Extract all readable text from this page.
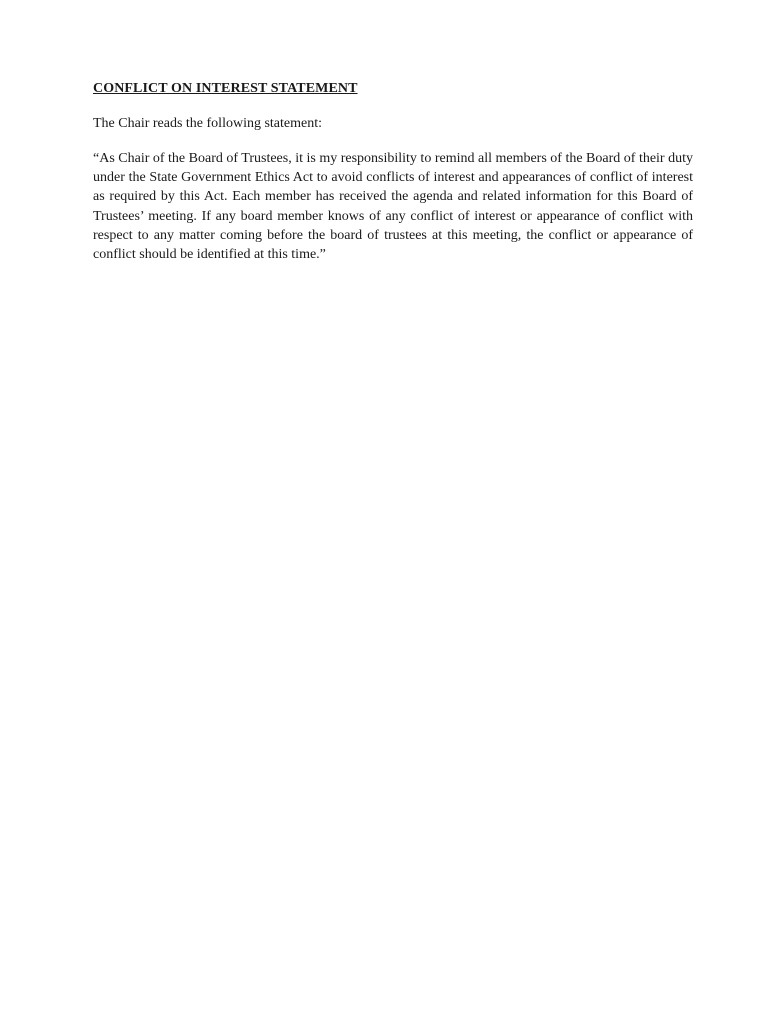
CONFLICT ON INTEREST STATEMENT

The Chair reads the following statement:

“As Chair of the Board of Trustees, it is my responsibility to remind all members of the Board of their duty under the State Government Ethics Act to avoid conflicts of interest and appearances of conflict of interest as required by this Act. Each member has received the agenda and related information for this Board of Trustees’ meeting. If any board member knows of any conflict of interest or appearance of conflict with respect to any matter coming before the board of trustees at this meeting, the conflict or appearance of conflict should be identified at this time.”
